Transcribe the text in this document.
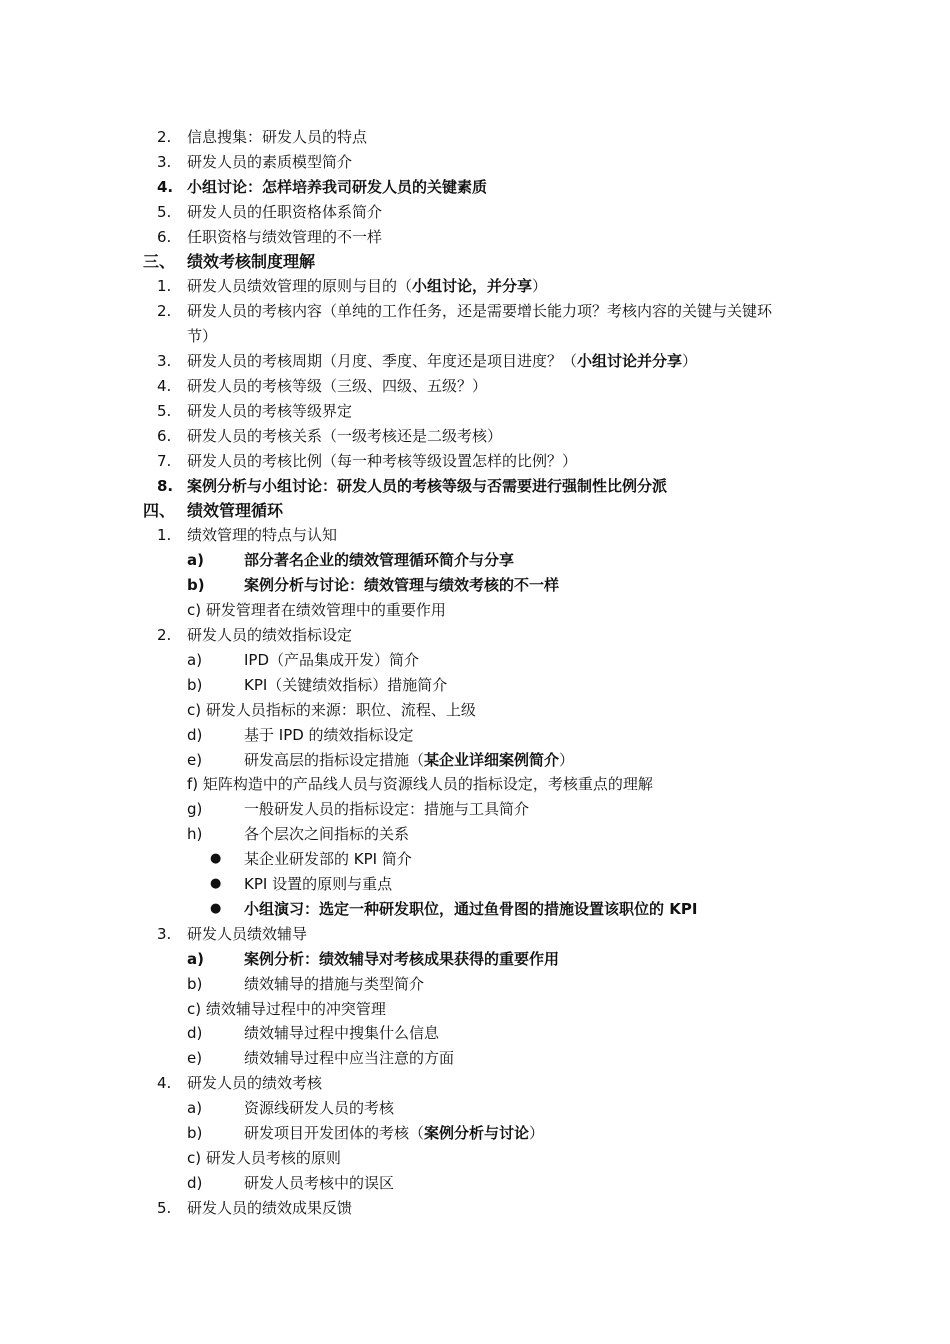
2.	信息搜集：研发人员的特点
3.	研发人员的素质模型简介
4. 小组讨论：怎样培养我司研发人员的关键素质
5.	研发人员的任职资格体系简介
6.	任职资格与绩效管理的不一样
三、 绩效考核制度理解
1.	研发人员绩效管理的原则与目的（小组讨论，并分享）
2.	研发人员的考核内容（单纯的工作任务，还是需要增长能力项？考核内容的关键与关键环
节）
3.	研发人员的考核周期（月度、季度、年度还是项目进度？（小组讨论并分享）
4.	研发人员的考核等级（三级、四级、五级？）
5.	研发人员的考核等级界定
6.	研发人员的考核关系（一级考核还是二级考核）
7.	研发人员的考核比例（每一种考核等级设置怎样的比例？）
8. 案例分析与小组讨论：研发人员的考核等级与否需要进行强制性比例分派
四、 绩效管理循环
1.	绩效管理的特点与认知
a)	部分著名企业的绩效管理循环简介与分享
b)	案例分析与讨论：绩效管理与绩效考核的不一样
c) 研发管理者在绩效管理中的重要作用
2.	研发人员的绩效指标设定
a)	IPD（产品集成开发）简介
b)	KPI（关键绩效指标）措施简介
c) 研发人员指标的来源：职位、流程、上级
d)	基于 IPD 的绩效指标设定
e)	研发高层的指标设定措施（某企业详细案例简介）
f) 矩阵构造中的产品线人员与资源线人员的指标设定，考核重点的理解
g)	一般研发人员的指标设定：措施与工具简介
h)	各个层次之间指标的关系
● 某企业研发部的 KPI 简介
● KPI 设置的原则与重点
● 小组演习：选定一种研发职位，通过鱼骨图的措施设置该职位的 KPI
3.	研发人员绩效辅导
a)	案例分析：绩效辅导对考核成果获得的重要作用
b)	绩效辅导的措施与类型简介
c) 绩效辅导过程中的冲突管理
d)	绩效辅导过程中搜集什么信息
e)	绩效辅导过程中应当注意的方面
4.	研发人员的绩效考核
a)	资源线研发人员的考核
b)	研发项目开发团体的考核（案例分析与讨论）
c) 研发人员考核的原则
d)	研发人员考核中的误区
5.	研发人员的绩效成果反馈
